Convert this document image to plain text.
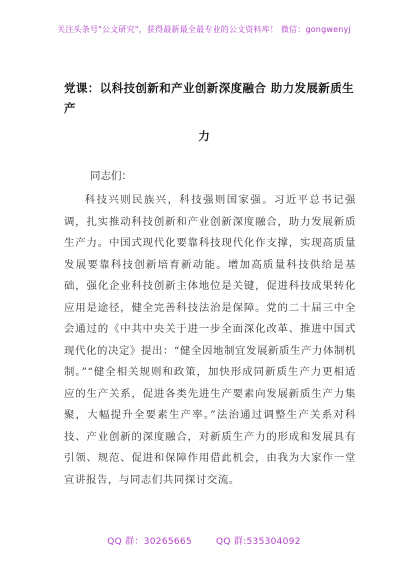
关注头条号"公文研究"，获得最新最全最专业的公文资料库！ 微信：gongwenyj
党课：以科技创新和产业创新深度融合 助力发展新质生产
力
同志们：

科技兴则民族兴，科技强则国家强。习近平总书记强调，扎实推动科技创新和产业创新深度融合，助力发展新质生产力。中国式现代化要靠科技现代化作支撑，实现高质量发展要靠科技创新培育新动能。增加高质量科技供给是基础，强化企业科技创新主体地位是关键，促进科技成果转化应用是途径，健全完善科技法治是保障。党的二十届三中全会通过的《中共中央关于进一步全面深化改革、推进中国式现代化的决定》提出：“健全因地制宜发展新质生产力体制机制。”“健全相关规则和政策，加快形成同新质生产力更相适应的生产关系，促进各类先进生产要素向发展新质生产力集聚，大幅提升全要素生产率。”法治通过调整生产关系对科技、产业创新的深度融合，对新质生产力的形成和发展具有引领、规范、促进和保障作用借此机会，由我为大家作一堂宣讲报告，与同志们共同探讨交流。

QQ 群：30265665	QQ 群:535304092
